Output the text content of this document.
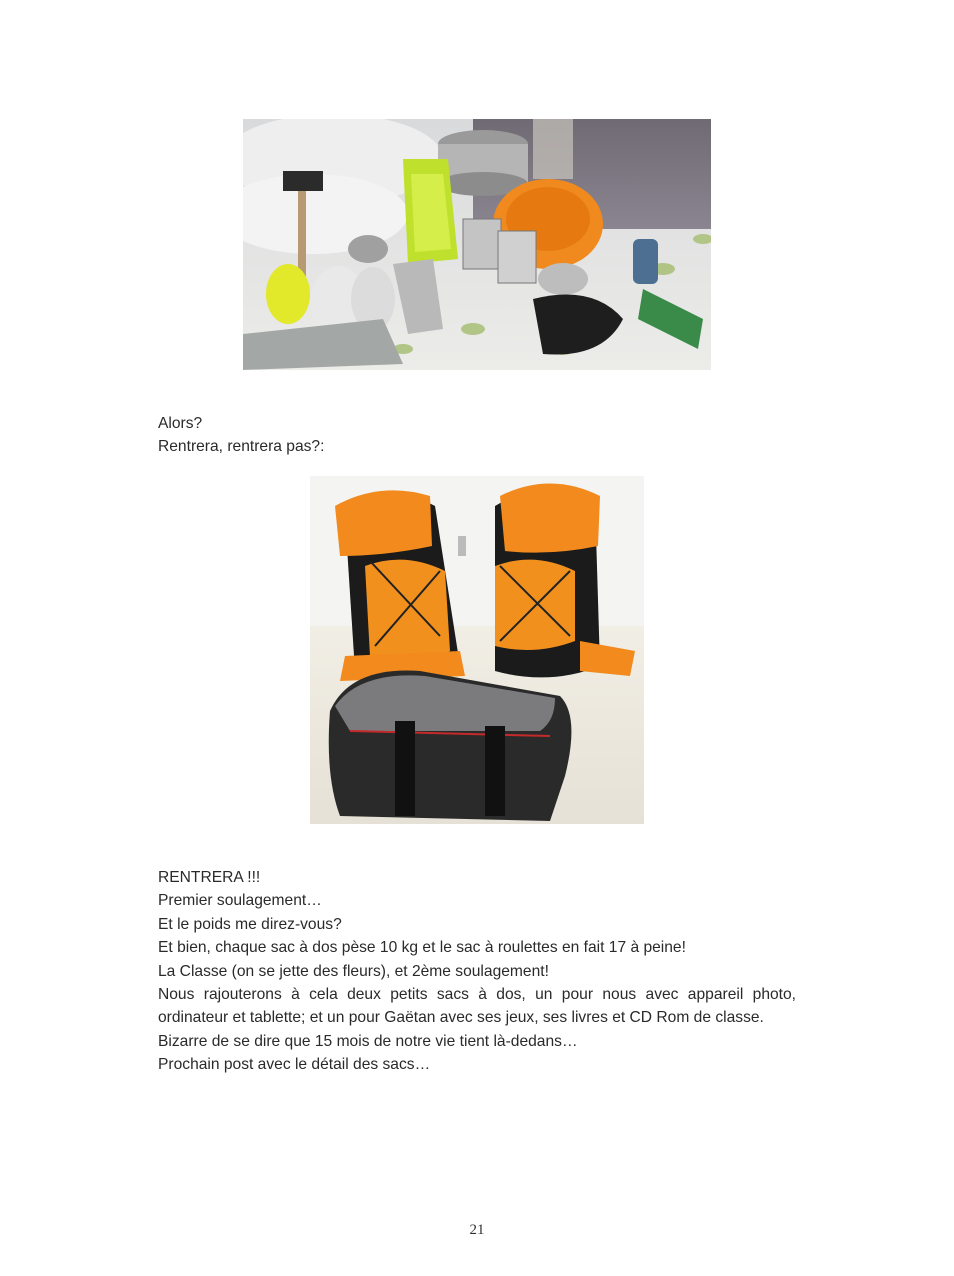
Alors?

Rentrera, rentrera pas?:

RENTRERA !!!

Premier soulagement…

Et le poids me direz-vous?

Et bien, chaque sac à dos pèse 10 kg et le sac à roulettes en fait 17 à peine!

La Classe (on se jette des fleurs), et 2ème soulagement!

Nous rajouterons à cela deux petits sacs à dos, un pour nous avec appareil photo, ordinateur et tablette; et un pour Gaëtan avec ses jeux, ses livres et CD Rom de classe.

Bizarre de se dire que 15 mois de notre vie tient là-dedans…

Prochain post avec le détail des sacs…

21
